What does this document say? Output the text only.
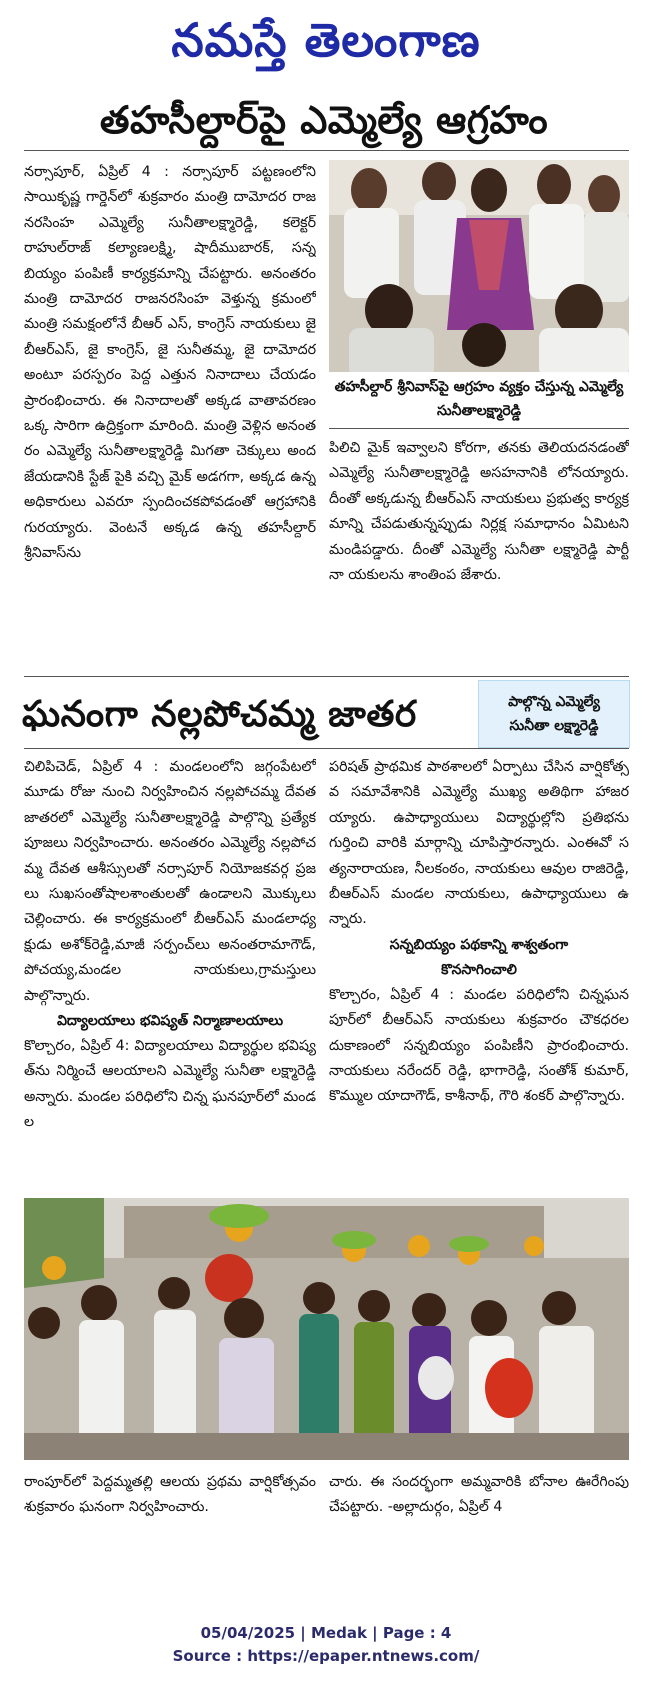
నమస్తే తెలంగాణ
తహసీల్దార్‌పై ఎమ్మెల్యే ఆగ్రహం
నర్సాపూర్, ఏప్రిల్ 4 : నర్సాపూర్ పట్టణంలోని సాయికృష్ణ గార్డెన్‌లో శుక్రవారం మంత్రి దామోదర రాజనరసింహ ఎమ్మెల్యే సునీతాలక్ష్మారెడ్డి, కలెక్టర్ రాహుల్‌రాజ్ కల్యాణలక్ష్మి, షాదీముబారక్, సన్నబియ్యం పంపిణీ కార్యక్రమాన్ని చేపట్టారు. అనంతరం మంత్రి దామోదర రాజనరసింహ వెళ్తున్న క్రమంలో మంత్రి సమక్షంలోనే బీఆర్ ఎస్, కాంగ్రెస్ నాయకులు జై బీఆర్ఎస్, జై కాంగ్రెస్, జై సునీతమ్మ, జై దామోదర అంటూ పరస్పరం పెద్ద ఎత్తున నినాదాలు చేయడం ప్రారంభించారు. ఈ నినాదాలతో అక్కడ వాతావరణం ఒక్క సారిగా ఉద్రిక్తంగా మారింది. మంత్రి వెళ్లిన అనంతరం ఎమ్మెల్యే సునీతాలక్ష్మారెడ్డి మిగతా చెక్కులు అందజేయడానికి స్టేజ్ పైకి వచ్చి మైక్ అడగగా, అక్కడ ఉన్న అధికారులు ఎవరూ స్పందించకపోవడంతో ఆగ్రహానికి గురయ్యారు. వెంటనే అక్కడ ఉన్న తహసీల్దార్ శ్రీనివాస్‌ను
తహసీల్దార్ శ్రీనివాస్‌పై ఆగ్రహం వ్యక్తం చేస్తున్న ఎమ్మెల్యే సునీతాలక్ష్మారెడ్డి
పిలిచి మైక్ ఇవ్వాలని కోరగా, తనకు తెలియదనడంతో ఎమ్మెల్యే సునీతాలక్ష్మారెడ్డి అసహనానికి లోనయ్యారు. దీంతో అక్కడున్న బీఆర్ఎస్ నాయకులు ప్రభుత్వ కార్యక్రమాన్ని చేపడుతున్నప్పుడు నిర్లక్ష సమాధానం ఏమిటని మండిపడ్డారు. దీంతో ఎమ్మెల్యే సునీతా లక్ష్మారెడ్డి పార్టీ నా యకులను శాంతింప జేశారు.
ఘనంగా నల్లపోచమ్మ జాతర	పాల్గొన్న ఎమ్మెల్యే
సునీతా లక్ష్మారెడ్డి
చిలిపిచెడ్, ఏప్రిల్ 4 : మండలంలోని జగ్గంపేటలో మూడు రోజు నుంచి నిర్వహించిన నల్లపోచమ్మ దేవత జాతరలో ఎమ్మెల్యే సునీతాలక్ష్మారెడ్డి పాల్గొన్ని ప్రత్యేక పూజలు నిర్వహించారు. అనంతరం ఎమ్మెల్యే నల్లపోచమ్మ దేవత ఆశీస్సులతో నర్సాపూర్ నియోజకవర్గ ప్రజలు సుఖసంతోషాలశాంతులతో ఉండాలని మొక్కులు చెల్లించారు. ఈ కార్యక్రమంలో బీఆర్ఎస్ మండలాధ్యక్షుడు అశోక్‌రెడ్డి,మాజీ సర్పంచ్‌లు అనంతరామాగౌడ్, పోచయ్య,మండల నాయకులు,గ్రామస్తులు పాల్గొన్నారు.
విద్యాలయాలు భవిష్యత్ నిర్మాణాలయాలు
కొల్చారం, ఏప్రిల్ 4: విద్యాలయాలు విద్యార్థుల భవిష్యత్‌ను నిర్మించే ఆలయాలని ఎమ్మెల్యే సునీతా లక్ష్మారెడ్డి అన్నారు. మండల పరిధిలోని చిన్న ఘనపూర్‌లో మండల
పరిషత్ ప్రాథమిక పాఠశాలలో ఏర్పాటు చేసిన వార్షికోత్సవ సమావేశానికి ఎమ్మెల్యే ముఖ్య అతిథిగా హాజరయ్యారు. ఉపాధ్యాయులు విద్యార్థుల్లోని ప్రతిభను గుర్తించి వారికి మార్గాన్ని చూపిస్తారన్నారు. ఎంఈవో సత్యనారాయణ, నీలకంఠం, నాయకులు ఆవుల రాజిరెడ్డి, బీఆర్ఎస్ మండల నాయకులు, ఉపాధ్యాయులు ఉన్నారు.
సన్నబియ్యం పథకాన్ని శాశ్వతంగా
కొనసాగించాలి
కొల్చారం, ఏప్రిల్ 4 : మండల పరిధిలోని చిన్నఘనపూర్‌లో బీఆర్ఎస్ నాయకులు శుక్రవారం చౌకధరల దుకాణంలో సన్నబియ్యం పంపిణీని ప్రారంభించారు. నాయకులు నరేందర్ రెడ్డి, భాగారెడ్డి, సంతోశ్ కుమార్, కొమ్ముల యాదాగౌడ్, కాశీనాథ్, గౌరి శంకర్ పాల్గొన్నారు.
రాంపూర్‌లో పెద్దమ్మతల్లి ఆలయ ప్రథమ వార్షికోత్సవం శుక్రవారం ఘనంగా నిర్వహించారు.
చారు. ఈ సందర్భంగా అమ్మవారికి బోనాల ఊరేగింపు చేపట్టారు. -అల్లాదుర్గం, ఏప్రిల్ 4
05/04/2025 | Medak | Page : 4
Source : https://epaper.ntnews.com/
